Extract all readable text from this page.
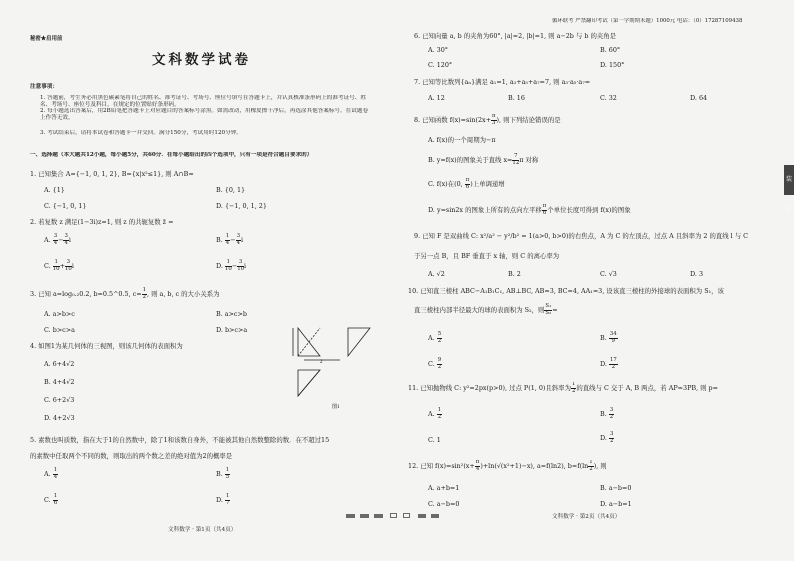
秘密★启用前
文科数学试卷
注意事项：
1. 答题前，考生务必用黑色碳素笔将自己的姓名、准考证号、考场号、座位号填写在答题卡上，并认真核准条形码上的准考证号、姓名、考场号、座位号及科目，在规定的位置贴好条形码。
2. 每小题选出答案后，用2B铅笔把答题卡上对应题目的答案标号涂黑。如需改动，用橡皮擦干净后，再选涂其他答案标号。在试题卷上作答无效。
3. 考试结束后，请将本试卷和答题卡一并交回。满分150分，考试用时120分钟。
一、选择题（本大题共12小题，每小题5分，共60分．在每小题给出的四个选项中，只有一项是符合题目要求的）
1. 已知集合 A={−1, 0, 1, 2}, B={x|x²≤1}, 则 A∩B=
A. {1}	B. {0, 1}
C. {−1, 0, 1}	D. {−1, 0, 1, 2}
2. 若复数 z 满足(1−3i)z=1, 则 z 的共轭复数 z̄ =
A. $\frac{3}{4} - \frac{3}{4}$ i	B. $\frac{1}{4} - \frac{3}{4}$ i
C. $\frac{1}{10} + \frac{3}{10}$ i	D. $\frac{1}{10} - \frac{3}{10}$ i
3. 已知 a=log₀.₂0.2, b=0.5^0.5, $c= \frac{1}{2}$ , 则 a, b, c 的大小关系为
A. a>b>c	B. a>c>b
C. b>c>a	D. b>c>a
4. 如图1为某几何体的三视图，则该几何体的表面积为
A. 6+4√2
B. 4+4√2
C. 6+2√3
D. 4+2√3
2
图1
5. 素数也叫质数，指在大于1的自然数中，除了1和该数自身外，不能被其他自然数整除的数．在不超过15
的素数中任取两个不同的数，则取出的两个数之差的绝对值为2的概率是
A. $\frac{1}{4}$	B. $\frac{1}{5}$
C. $\frac{1}{6}$	D. $\frac{1}{7}$
文科数学 · 第1页（共4页）
循环联考 严禁翻印考试（第一学期期末题）1000元 电话：（0）17287109438
6. 已知向量 a, b 的夹角为60°, |a|=2, |b|=1, 则 a−2b 与 b 的夹角是
A. 30°	B. 60°
C. 120°	D. 150°
7. 已知等比数列{aₙ}满足 a₁=1, a₃+a₅+a₇=7, 则 a₃·a₅·a₇=
A. 12	B. 16	C. 32	D. 64
8. 已知函数 $f(x)=\sin(2x+ \frac{\pi}{3}$ ), 则下列结论错误的是
A. f(x)的一个周期为−π
B. y=f(x)的图象关于直线 $x= \frac{7}{12}$ π 对称
C. f(x)在(0, $\frac{\pi}{6}$ )上单调递增
D. y=sin2x 的图象上所有的点向左平移 $\frac{\pi}{6}$ 个单位长度可得到 f(x)的图象
9. 已知 F 是双曲线 C: x²/a² − y²/b² = 1(a>0, b>0)的右焦点，A 为 C 的左顶点，过点 A 且斜率为 2 的直线 l 与 C
于另一点 B，且 BF 垂直于 x 轴，则 C 的离心率为
A. √2	B. 2	C. √3	D. 3
10. 已知直三棱柱 ABC−A₁B₁C₁, AB⊥BC, AB=3, BC=4, AA₁=3, 设该直三棱柱的外接球的表面积为 S₁，该
直三棱柱内部半径最大的球的表面积为 S₂，则 $\frac{\text{S₁}}{\text{S₂}}$ =
A. $\frac{5}{2}$	B. $\frac{34}{9}$
C. $\frac{9}{2}$	D. $\frac{17}{2}$
11. 已知抛物线 C: y²=2px(p>0), 过点 P(1, 0)且斜率为 $\frac{1}{2}$ 的直线与 C 交于 A, B 两点，若 AP=3PB, 则 p=
A. $\frac{1}{2}$	B. $\frac{3}{2}$
C. 1	D. $\frac{3}{2}$
12. 已知 $f(x)=\sin^2(x+ \frac{\pi}{4} )+\ln(√(x^2+1)-x)$, a=f(ln2), $b=f(\ln \frac{1}{2}$ ), 则
A. a+b=1	B. a−b=0
C. a−b=0	D. a−b=1
文科数学 · 第2页（共4页）
装订
